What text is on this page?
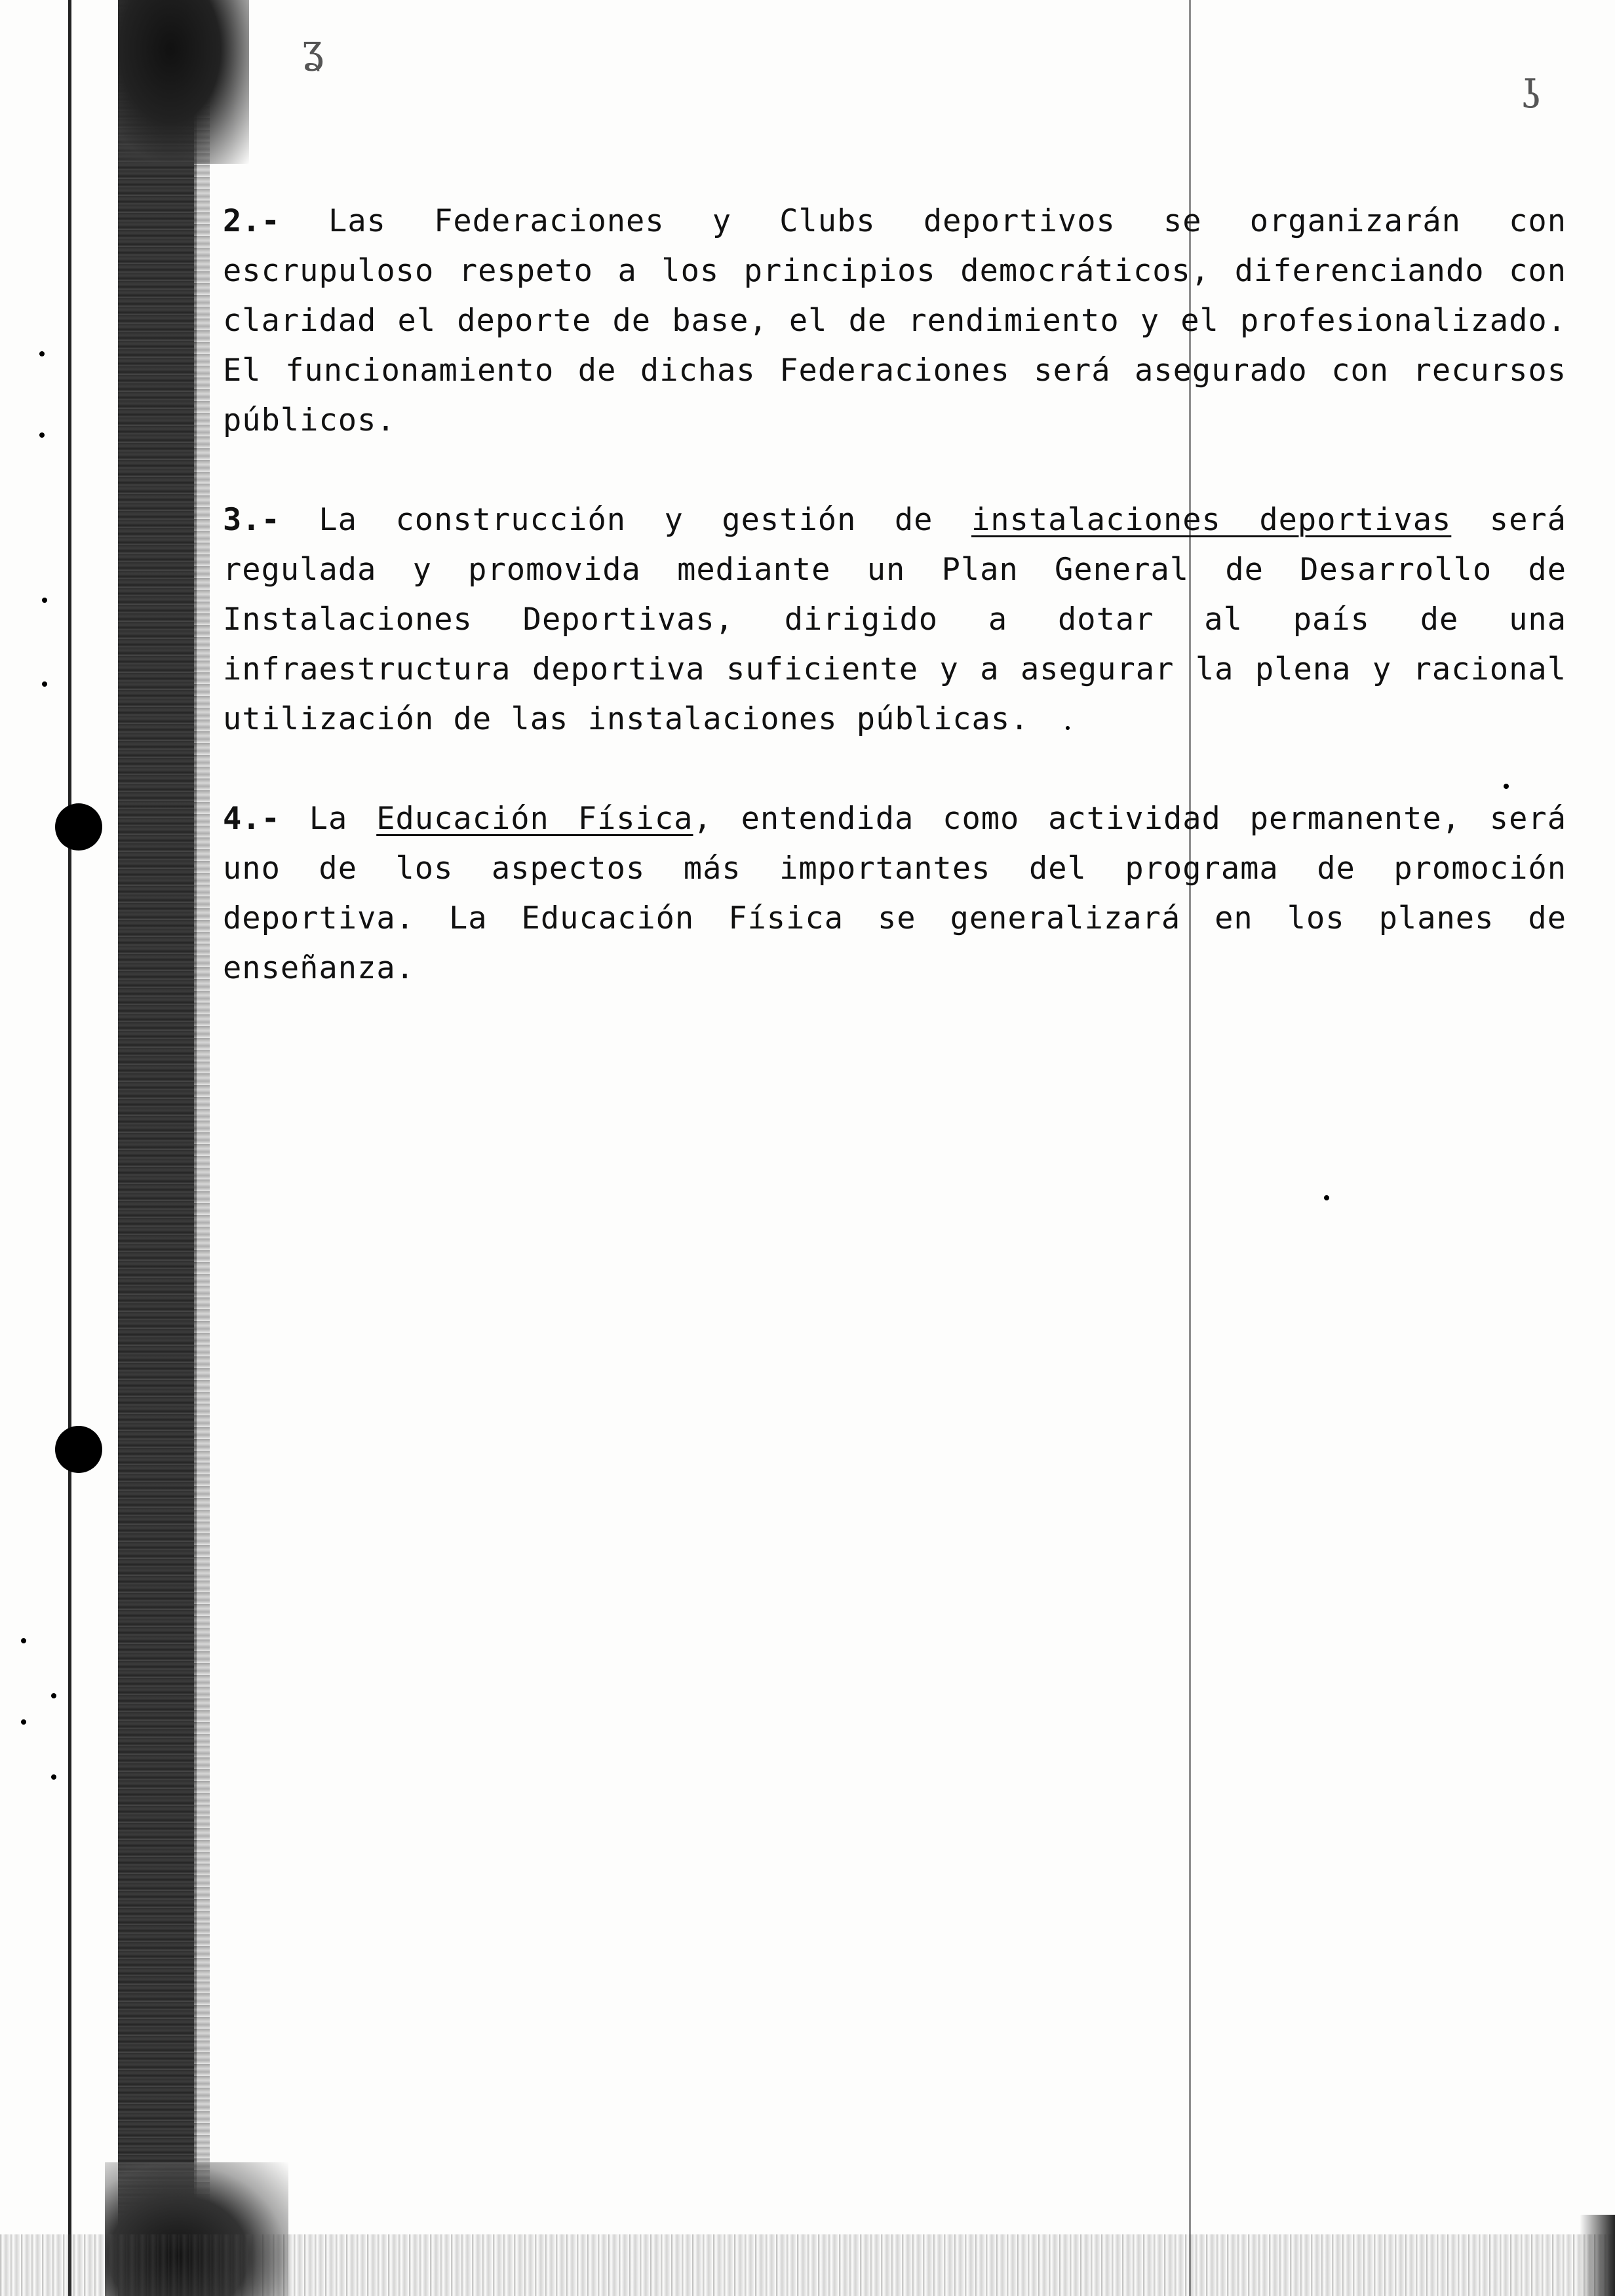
ʓ
ʖ

2.- Las Federaciones y Clubs deportivos se organizarán con escrupuloso respeto a los principios democráticos, diferenciando con claridad el deporte de base, el de rendimiento y el profesionalizado. El funcionamiento de dichas Federaciones será asegurado con recursos públicos.

3.- La construcción y gestión de instalaciones deportivas será regulada y promovida mediante un Plan General de Desarrollo de Instalaciones Deportivas, dirigido a dotar al país de una infraestructura deportiva suficiente y a asegurar la plena y racional utilización de las instalaciones públicas.

4.- La Educación Física, entendida como actividad permanente, será uno de los aspectos más importantes del programa de promoción deportiva. La Educación Física se generalizará en los planes de enseñanza.
